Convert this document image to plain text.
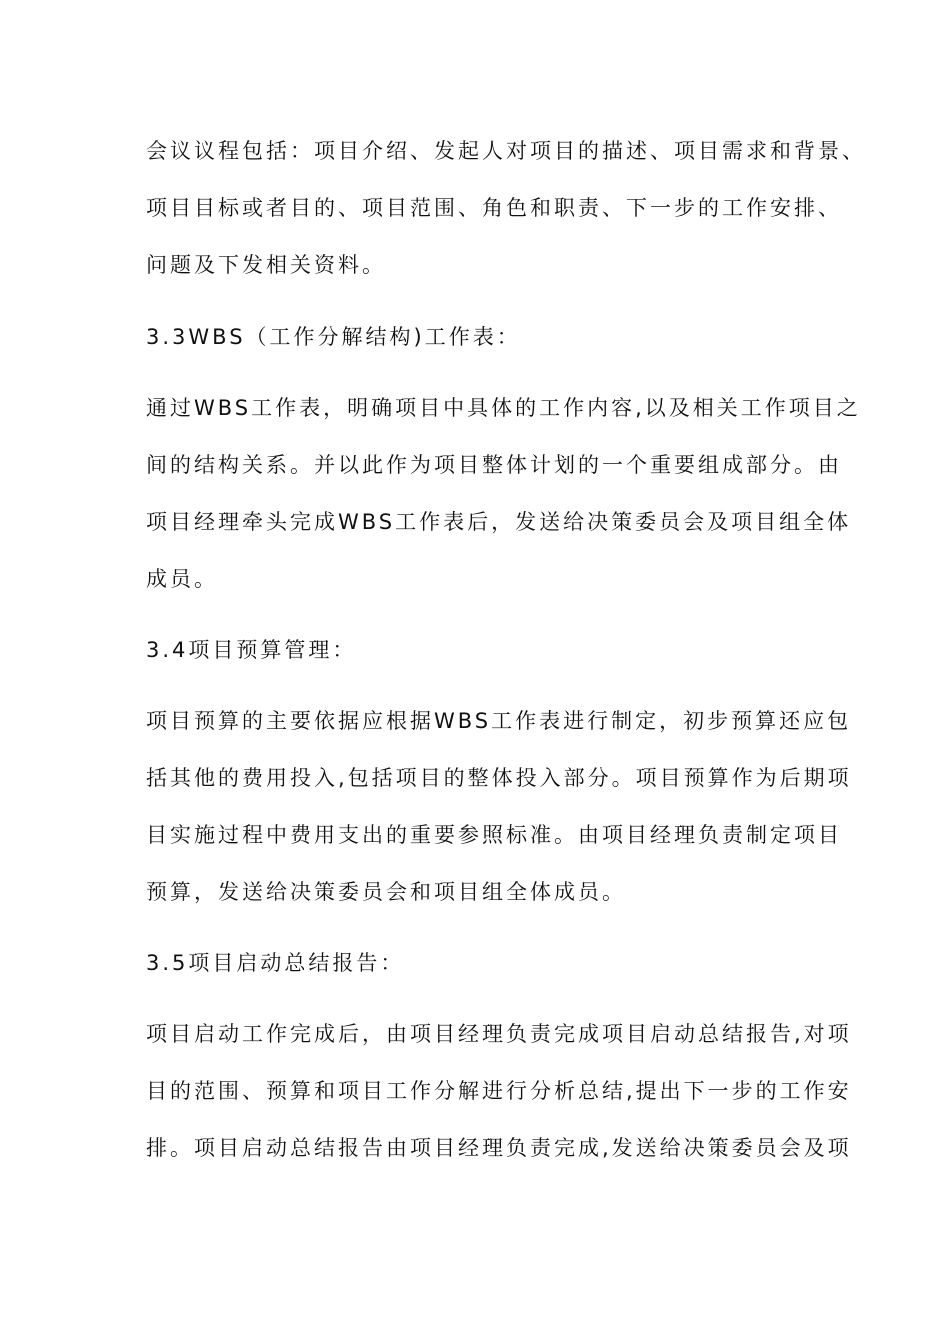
会议议程包括：项目介绍、发起人对项目的描述、项目需求和背景、
项目目标或者目的、项目范围、角色和职责、下一步的工作安排、
问题及下发相关资料。
3.3WBS（工作分解结构)工作表：
通过WBS工作表，明确项目中具体的工作内容,以及相关工作项目之
间的结构关系。并以此作为项目整体计划的一个重要组成部分。由
项目经理牵头完成WBS工作表后，发送给决策委员会及项目组全体
成员。
3.4项目预算管理：
项目预算的主要依据应根据WBS工作表进行制定，初步预算还应包
括其他的费用投入,包括项目的整体投入部分。项目预算作为后期项
目实施过程中费用支出的重要参照标准。由项目经理负责制定项目
预算，发送给决策委员会和项目组全体成员。
3.5项目启动总结报告：
项目启动工作完成后，由项目经理负责完成项目启动总结报告,对项
目的范围、预算和项目工作分解进行分析总结,提出下一步的工作安
排。项目启动总结报告由项目经理负责完成,发送给决策委员会及项
